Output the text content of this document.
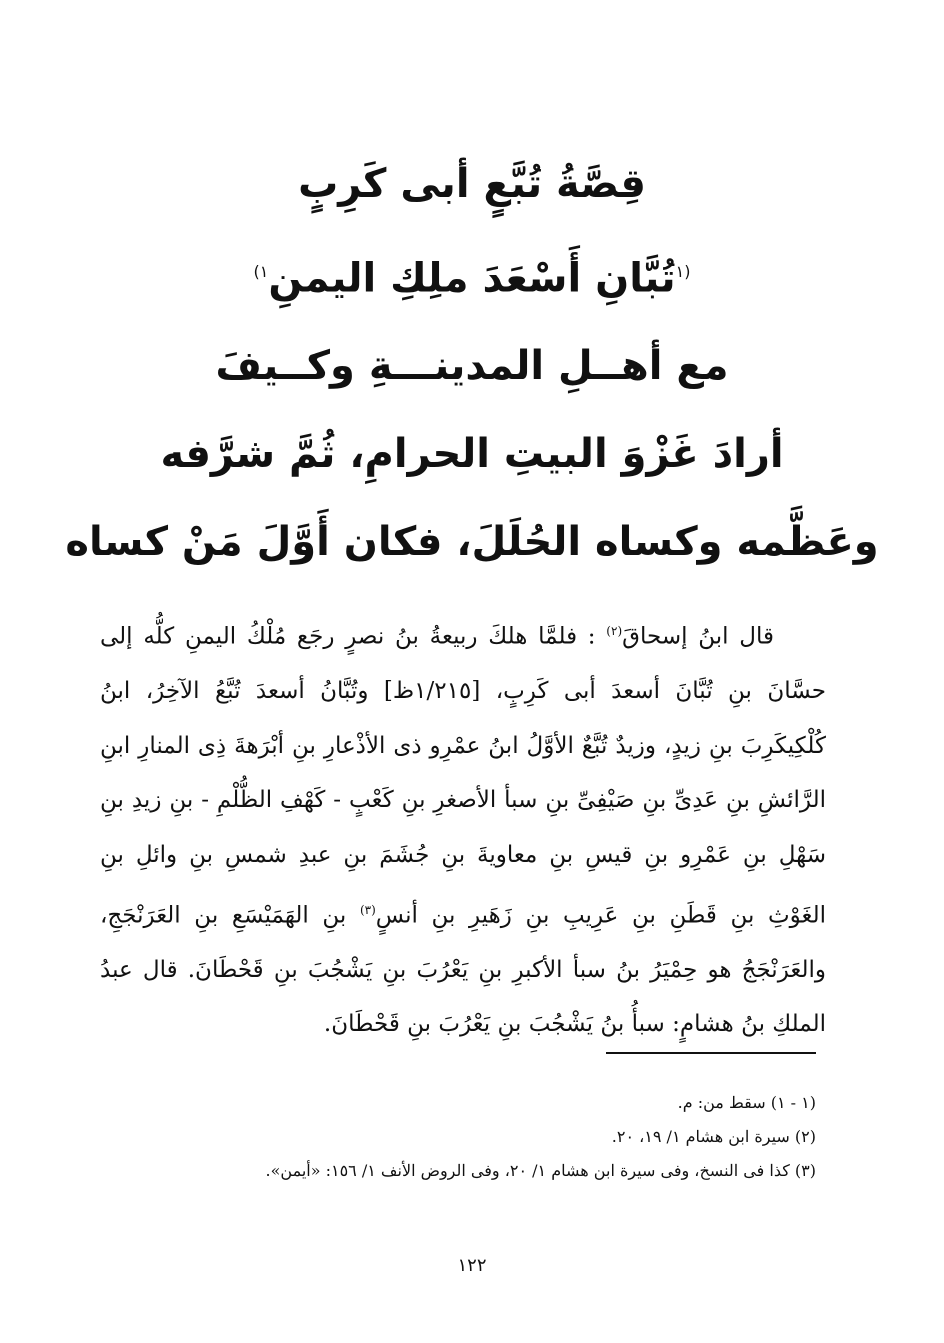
قِصَّةُ تُبَّعٍ أبى كَرِبٍ
$^{(١}$تُبَّانِ أَسْعَدَ ملِكِ اليمنِ$^{١)}$
مع أهــلِ المدينـــةِ وكــيفَ
أرادَ غَزْوَ البيتِ الحرامِ، ثُمَّ شرَّفه
وعَظَّمه وكساه الحُلَلَ، فكان أَوَّلَ مَنْ كساه

قال ابنُ إسحاقَ$^{(٢)}$ : فلمَّا هلكَ ربيعةُ بنُ نصرٍ رجَع مُلْكُ اليمنِ كلُّه إلى حسَّانَ بنِ تُبَّانَ أسعدَ أبى كَرِبٍ، [١/٢١٥ظ] وتُبَّانُ أسعدَ تُبَّعُ الآخِرُ، ابنُ كُلْكِيكَرِبَ بنِ زيدٍ، وزيدٌ تُبَّعٌ الأوَّلُ ابنُ عمْرِو ذى الأذْعارِ بنِ أبْرَهةَ ذِى المنارِ ابنِ الرَّائشِ بنِ عَدِىِّ بنِ صَيْفِىِّ بنِ سبأ الأصغرِ بنِ كَعْبٍ - كَهْفِ الظُّلْمِ - بنِ زيدِ بنِ سَهْلِ بنِ عَمْرِو بنِ قيسِ بنِ معاويةَ بنِ جُشَمَ بنِ عبدِ شمسِ بنِ وائلِ بنِ الغَوْثِ بنِ قَطَنِ بنِ عَرِيبِ بنِ زَهَيرِ بنِ أنسٍ$^{(٣)}$ بنِ الهَمَيْسَعِ بنِ العَرَنْجَجِ، والعَرَنْجَجُ هو حِمْيَرُ بنُ سبأ الأكبرِ بنِ يَعْرُبَ بنِ يَشْجُبَ بنِ قَحْطَانَ. قال عبدُ الملكِ بنُ هشامٍ: سبأُ بنُ يَشْجُبَ بنِ يَعْرُبَ بنِ قَحْطَانَ.

(١ - ١) سقط من: م.
(٢) سيرة ابن هشام ١/ ١٩، ٢٠.
(٣) كذا فى النسخ، وفى سيرة ابن هشام ١/ ٢٠، وفى الروض الأنف ١/ ١٥٦: «أيمن».
١٢٢
